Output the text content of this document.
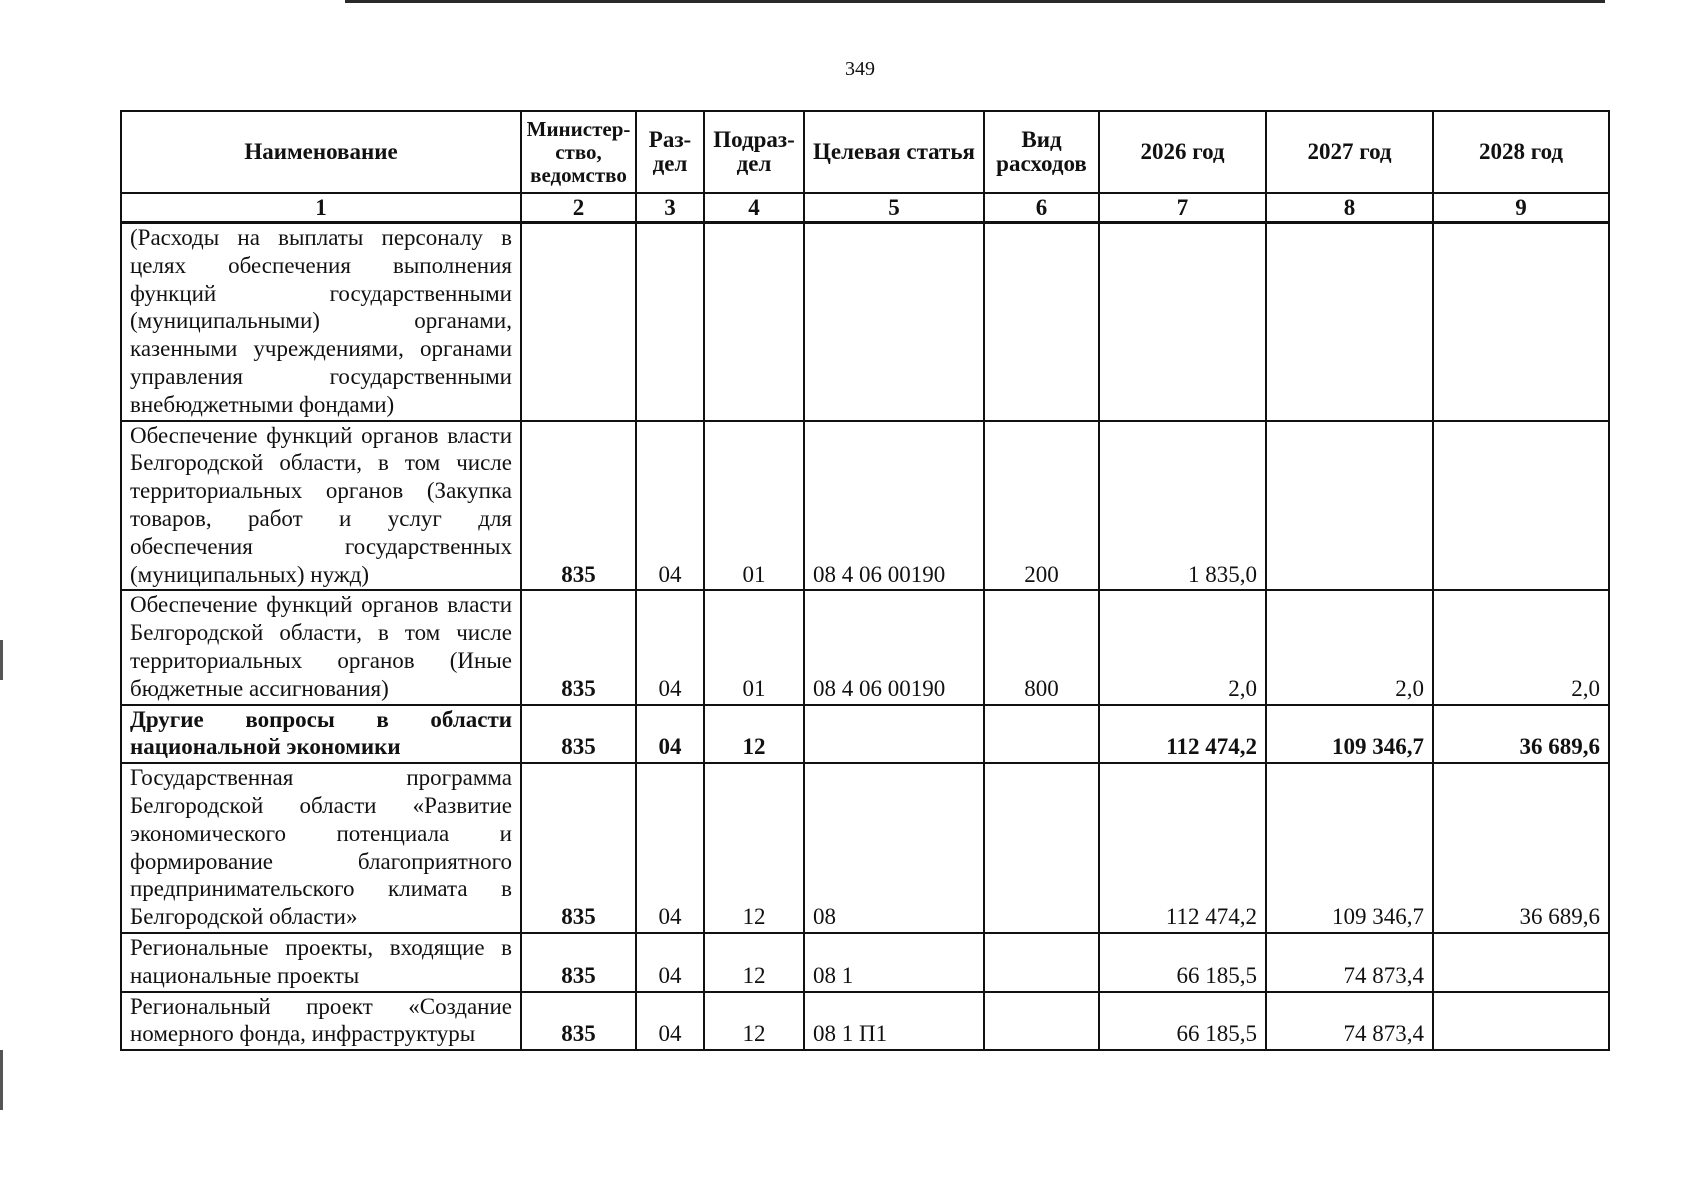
349
Наименование	Министер-ство, ведомство	Раз-дел	Подраз-дел	Целевая статья	Вид расходов	2026 год	2027 год	2028 год
1	2	3	4	5	6	7	8	9
(Расходы на выплаты персоналу в целях обеспечения выполнения функций государственными (муниципальными) органами, казенными учреждениями, органами управления государственными внебюджетными фондами)								
Обеспечение функций органов власти Белгородской области, в том числе территориальных органов (Закупка товаров, работ и услуг для обеспечения государственных (муниципальных) нужд)	835	04	01	08 4 06 00190	200	1 835,0		
Обеспечение функций органов власти Белгородской области, в том числе территориальных органов (Иные бюджетные ассигнования)	835	04	01	08 4 06 00190	800	2,0	2,0	2,0
Другие вопросы в области национальной экономики	835	04	12			112 474,2	109 346,7	36 689,6
Государственная программа Белгородской области «Развитие экономического потенциала и формирование благоприятного предпринимательского климата в Белгородской области»	835	04	12	08		112 474,2	109 346,7	36 689,6
Региональные проекты, входящие в национальные проекты	835	04	12	08 1		66 185,5	74 873,4	
Региональный проект «Создание номерного фонда, инфраструктуры	835	04	12	08 1 П1		66 185,5	74 873,4	
